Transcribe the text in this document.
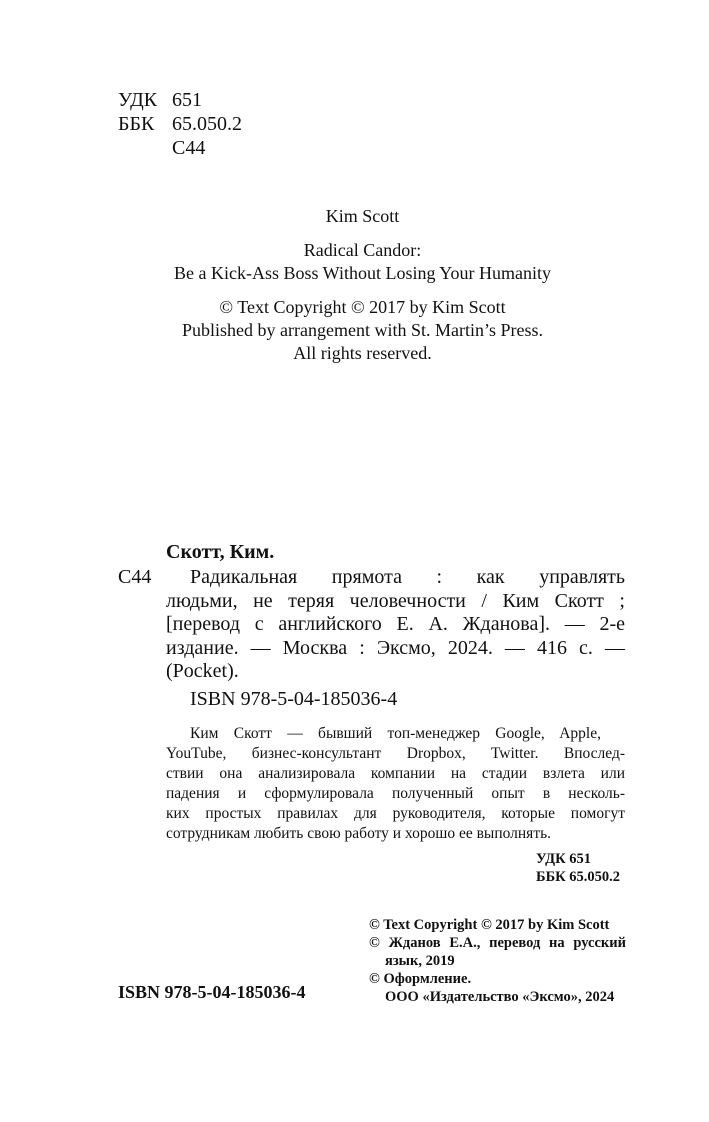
УДК 651
ББК 65.050.2
С44
Kim Scott
Radical Candor:
Be a Kick-Ass Boss Without Losing Your Humanity
© Text Copyright © 2017 by Kim Scott
Published by arrangement with St. Martin’s Press.
All rights reserved.
Скотт, Ким.
С44	Радикальная прямота : как управлять
людьми, не теряя человечности / Ким Скотт ;
[перевод с английского Е. А. Жданова]. — 2-е
издание. — Москва : Эксмо, 2024. — 416 с. —
(Pocket).
ISBN 978-5-04-185036-4
Ким Скотт — бывший топ-менеджер Google, Apple,
YouTube, бизнес-консультант Dropbox, Twitter. Впослед-
ствии она анализировала компании на стадии взлета или
падения и сформулировала полученный опыт в несколь-
ких простых правилах для руководителя, которые помогут
сотрудникам любить свою работу и хорошо ее выполнять.
УДК 651
ББК 65.050.2
© Text Copyright © 2017 by Kim Scott
© Жданов Е.А., перевод на русский
язык, 2019
© Оформление.
ООО «Издательство «Эксмо», 2024
ISBN 978-5-04-185036-4
